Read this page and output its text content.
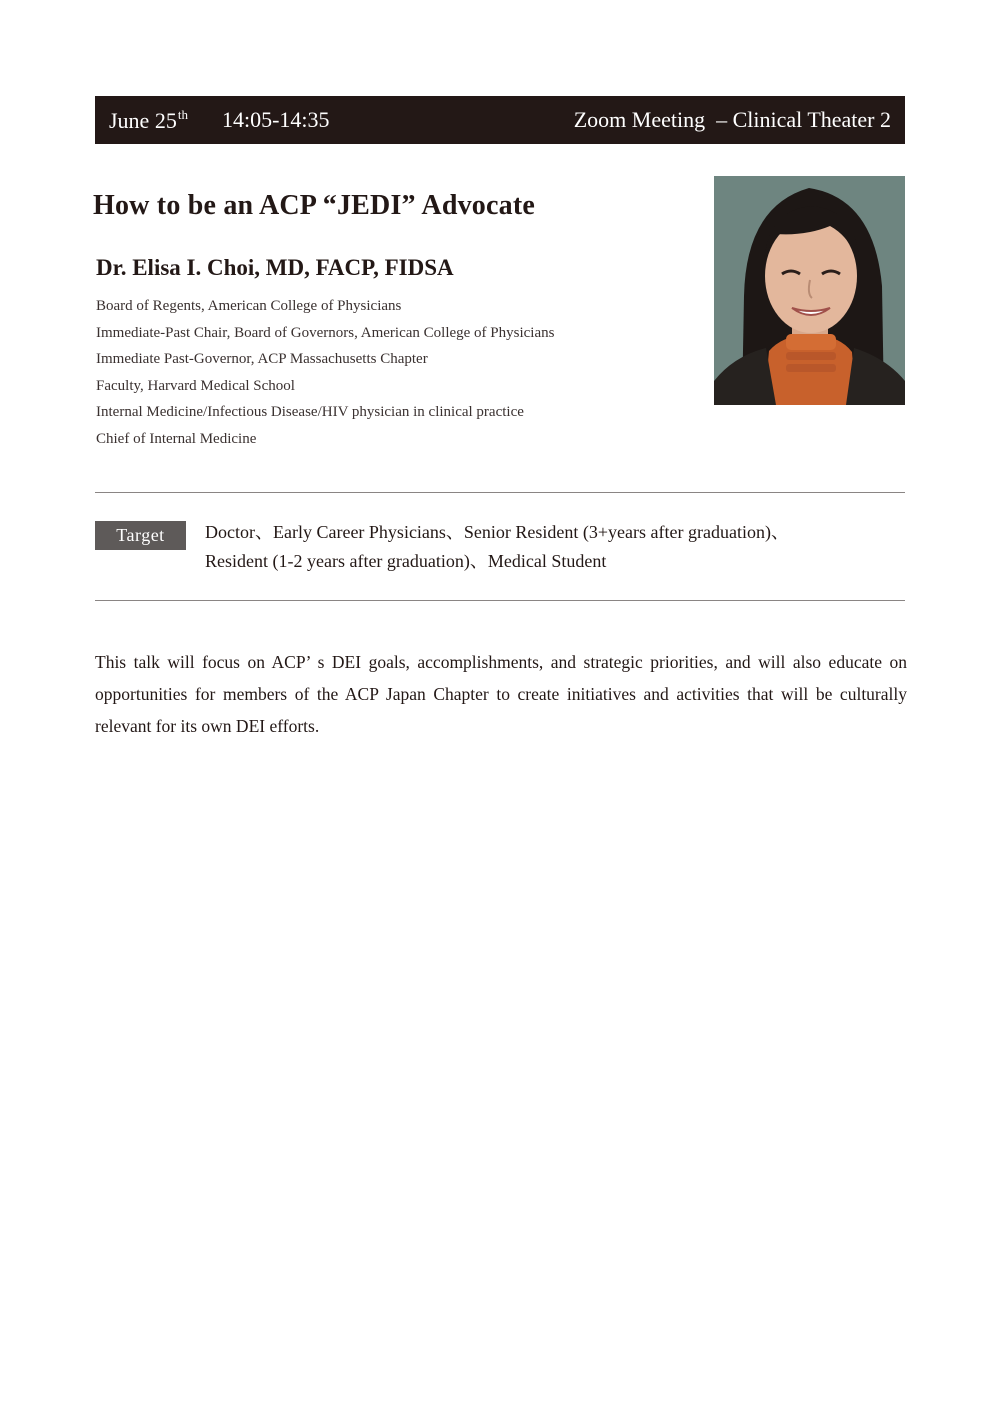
June 25th 14:05-14:35	Zoom Meeting  – Clinical Theater 2
How to be an ACP “JEDI” Advocate
Dr. Elisa I. Choi, MD, FACP, FIDSA
Board of Regents, American College of Physicians
Immediate-Past Chair, Board of Governors, American College of Physicians
Immediate Past-Governor, ACP Massachusetts Chapter
Faculty, Harvard Medical School
Internal Medicine/Infectious Disease/HIV physician in clinical practice
Chief of Internal Medicine
Target	Doctor、Early Career Physicians、Senior Resident (3+years after graduation)、
Resident (1-2 years after graduation)、Medical Student

This talk will focus on ACP’ s DEI goals, accomplishments, and strategic priorities, and will also educate on opportunities for members of the ACP Japan Chapter to create initiatives and activities that will be culturally relevant for its own DEI efforts.
